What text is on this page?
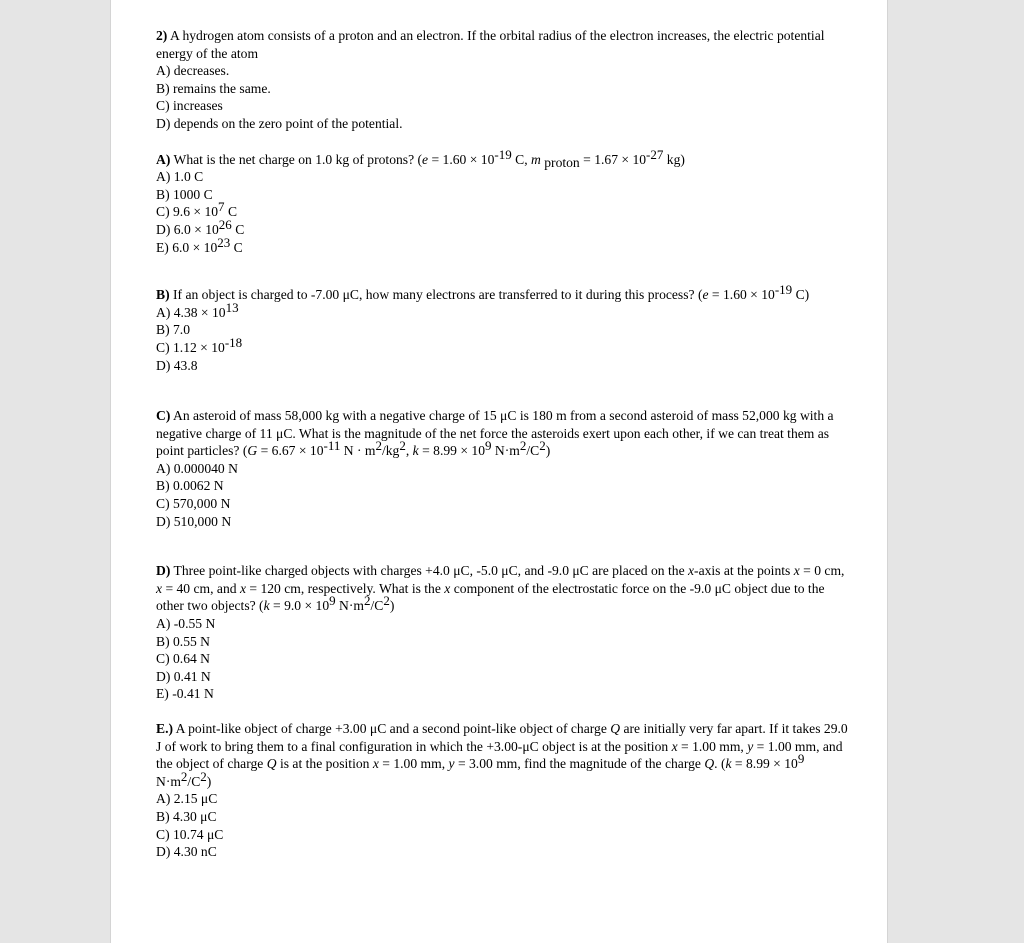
2) A hydrogen atom consists of a proton and an electron. If the orbital radius of the electron increases, the electric potential energy of the atom

A) decreases.

B) remains the same.

C) increases

D) depends on the zero point of the potential.

A) What is the net charge on 1.0 kg of protons? ($e = 1.60 \times 10^{-19}$ C, m $_{proton} = 1.67 \times 10^{-27}$ kg)

A) 1.0 C

B) 1000 C

C) $9.6 \times 10^7$ C

D) $6.0 \times 10^{26}$ C

E) $6.0 \times 10^{23}$ C

B) If an object is charged to -7.00 μC, how many electrons are transferred to it during this process? ($e = 1.60 \times 10^{-19}$ C)

A) $4.38 \times 10^{13}$

B) 7.0

C) $1.12 \times 10^{-18}$

D) 43.8

C) An asteroid of mass 58,000 kg with a negative charge of 15 μC is 180 m from a second asteroid of mass 52,000 kg with a negative charge of 11 μC. What is the magnitude of the net force the asteroids exert upon each other, if we can treat them as point particles? ($G = 6.67 \times 10^{-11}$ $N \cdot m^2/kg^2$, $k = 8.99 \times 10^9$ $N\cdot m^2/C^2$)

A) 0.000040 N

B) 0.0062 N

C) 570,000 N

D) 510,000 N

D) Three point-like charged objects with charges +4.0 μC, -5.0 μC, and -9.0 μC are placed on the x-axis at the points x = 0 cm, x = 40 cm, and x = 120 cm, respectively. What is the x component of the electrostatic force on the -9.0 μC object due to the other two objects? ($k = 9.0 \times 10^9$ $N\cdot m^2/C^2$)

A) -0.55 N

B) 0.55 N

C) 0.64 N

D) 0.41 N

E) -0.41 N

E.) A point-like object of charge +3.00 μC and a second point-like object of charge Q are initially very far apart. If it takes 29.0 J of work to bring them to a final configuration in which the +3.00-μC object is at the position x = 1.00 mm, y = 1.00 mm, and the object of charge Q is at the position x = 1.00 mm, y = 3.00 mm, find the magnitude of the charge Q. ($k = 8.99 \times 10^9$ $N\cdot m^2/C^2$)

A) 2.15 μC

B) 4.30 μC

C) 10.74 μC

D) 4.30 nC
